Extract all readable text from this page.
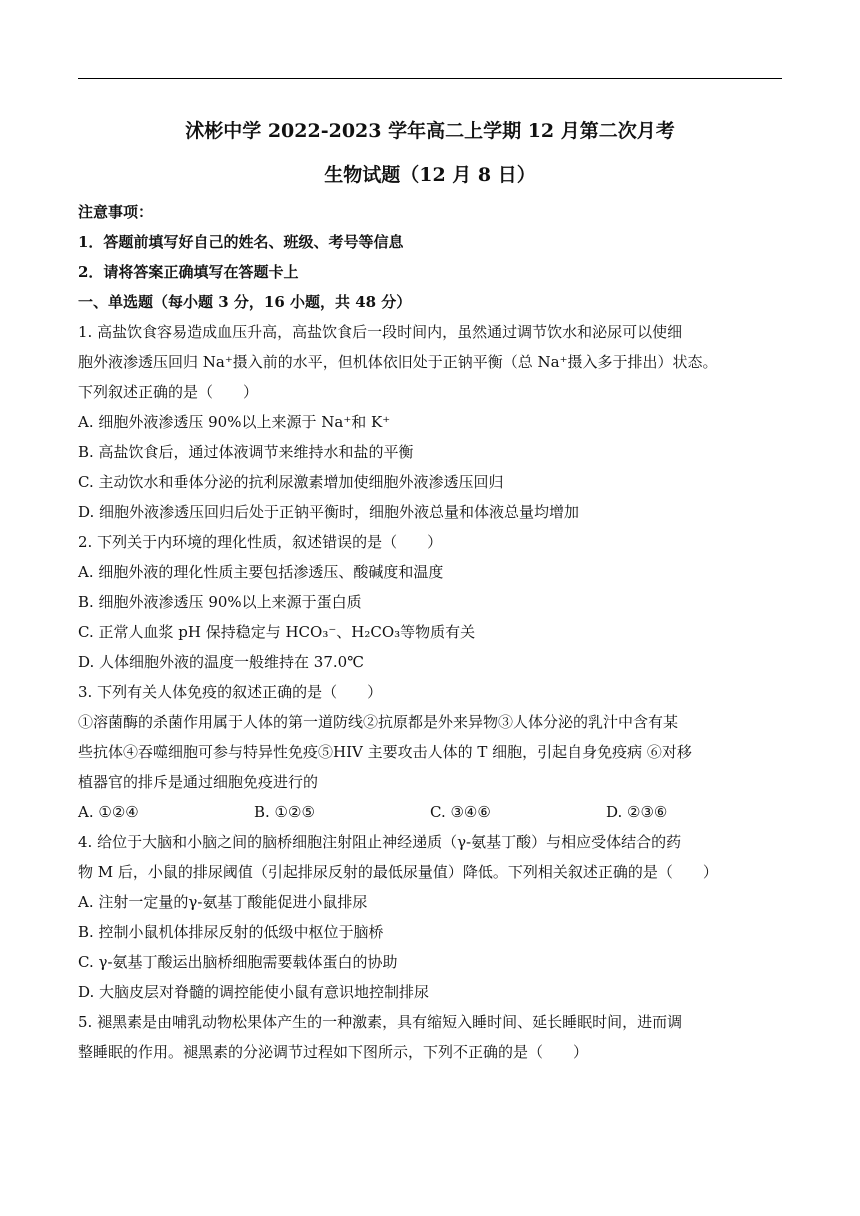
沭彬中学 2022-2023 学年高二上学期 12 月第二次月考
生物试题（12 月 8 日）
注意事项：
1．答题前填写好自己的姓名、班级、考号等信息
2．请将答案正确填写在答题卡上
一、单选题（每小题 3 分，16 小题，共 48 分）
1. 高盐饮食容易造成血压升高，高盐饮食后一段时间内，虽然通过调节饮水和泌尿可以使细
胞外液渗透压回归 Na⁺摄入前的水平，但机体依旧处于正钠平衡（总 Na⁺摄入多于排出）状态。
下列叙述正确的是（　　）
A. 细胞外液渗透压 90%以上来源于 Na⁺和 K⁺
B. 高盐饮食后，通过体液调节来维持水和盐的平衡
C. 主动饮水和垂体分泌的抗利尿激素增加使细胞外液渗透压回归
D. 细胞外液渗透压回归后处于正钠平衡时，细胞外液总量和体液总量均增加
2. 下列关于内环境的理化性质，叙述错误的是（　　）
A. 细胞外液的理化性质主要包括渗透压、酸碱度和温度
B. 细胞外液渗透压 90%以上来源于蛋白质
C. 正常人血浆 pH 保持稳定与 HCO₃⁻、H₂CO₃等物质有关
D. 人体细胞外液的温度一般维持在 37.0℃
3. 下列有关人体免疫的叙述正确的是（　　）
①溶菌酶的杀菌作用属于人体的第一道防线②抗原都是外来异物③人体分泌的乳汁中含有某
些抗体④吞噬细胞可参与特异性免疫⑤HIV 主要攻击人体的 T 细胞，引起自身免疫病 ⑥对移
植器官的排斥是通过细胞免疫进行的
A. ①②④	B. ①②⑤	C. ③④⑥	D. ②③⑥
4. 给位于大脑和小脑之间的脑桥细胞注射阻止神经递质（γ-氨基丁酸）与相应受体结合的药
物 M 后，小鼠的排尿阈值（引起排尿反射的最低尿量值）降低。下列相关叙述正确的是（　　）
A. 注射一定量的γ-氨基丁酸能促进小鼠排尿
B. 控制小鼠机体排尿反射的低级中枢位于脑桥
C. γ-氨基丁酸运出脑桥细胞需要载体蛋白的协助
D. 大脑皮层对脊髓的调控能使小鼠有意识地控制排尿
5. 褪黑素是由哺乳动物松果体产生的一种激素，具有缩短入睡时间、延长睡眠时间，进而调
整睡眠的作用。褪黑素的分泌调节过程如下图所示，下列不正确的是（　　）
